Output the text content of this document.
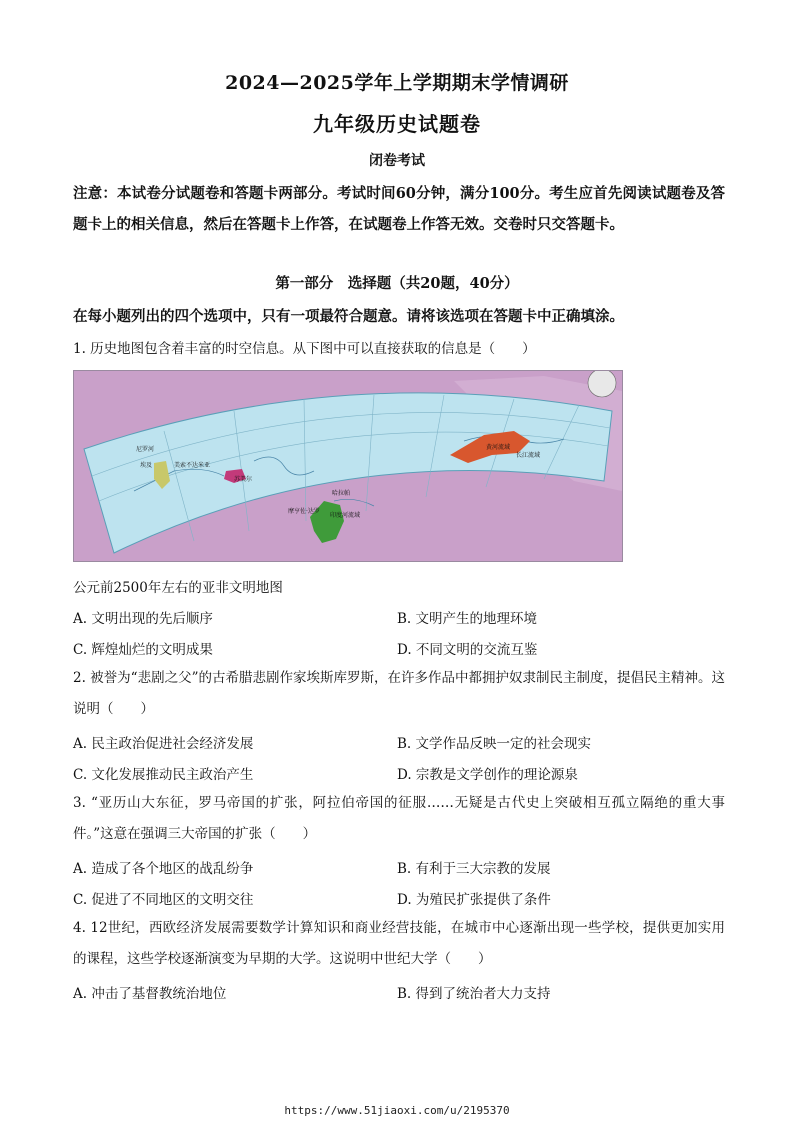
2024—2025学年上学期期末学情调研
九年级历史试题卷
闭卷考试
注意：本试卷分试题卷和答题卡两部分。考试时间60分钟，满分100分。考生应首先阅读试题卷及答题卡上的相关信息，然后在答题卡上作答，在试题卷上作答无效。交卷时只交答题卡。
第一部分　选择题（共20题，40分）
在每小题列出的四个选项中，只有一项最符合题意。请将该选项在答题卡中正确填涂。
1. 历史地图包含着丰富的时空信息。从下图中可以直接获取的信息是（　　）
尼罗河
埃及	美索不达米亚
苏美尔
哈拉帕
摩亨佐·达罗
印度河流域
黄河流域
长江流域
公元前2500年左右的亚非文明地图
A. 文明出现的先后顺序	B. 文明产生的地理环境
C. 辉煌灿烂的文明成果	D. 不同文明的交流互鉴
2. 被誉为“悲剧之父”的古希腊悲剧作家埃斯库罗斯，在许多作品中都拥护奴隶制民主制度，提倡民主精神。这说明（　　）
A. 民主政治促进社会经济发展	B. 文学作品反映一定的社会现实
C. 文化发展推动民主政治产生	D. 宗教是文学创作的理论源泉
3. “亚历山大东征，罗马帝国的扩张，阿拉伯帝国的征服……无疑是古代史上突破相互孤立隔绝的重大事件。”这意在强调三大帝国的扩张（　　）
A. 造成了各个地区的战乱纷争	B. 有利于三大宗教的发展
C. 促进了不同地区的文明交往	D. 为殖民扩张提供了条件
4. 12世纪，西欧经济发展需要数学计算知识和商业经营技能，在城市中心逐渐出现一些学校，提供更加实用的课程，这些学校逐渐演变为早期的大学。这说明中世纪大学（　　）
A. 冲击了基督教统治地位	B. 得到了统治者大力支持
https://www.51jiaoxi.com/u/2195370
